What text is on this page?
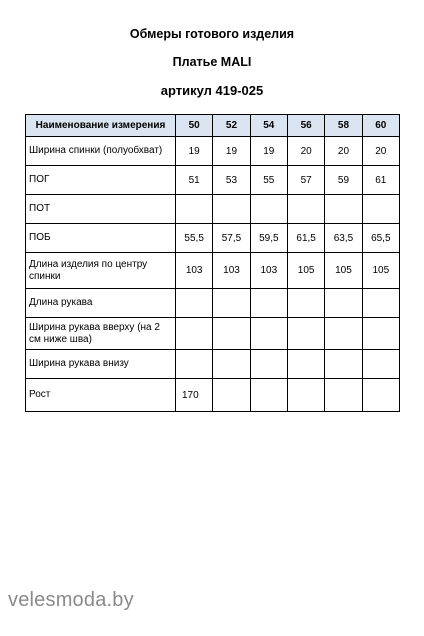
Обмеры готового изделия
Платье MALI
артикул 419-025
Наименование измерения	50	52	54	56	58	60
Ширина спинки (полуобхват)	19	19	19	20	20	20
ПОГ	51	53	55	57	59	61
ПОТ						
ПОБ	55,5	57,5	59,5	61,5	63,5	65,5
Длина изделия по центру спинки	103	103	103	105	105	105
Длина рукава						
Ширина рукава вверху (на 2 см ниже шва)						
Ширина рукава внизу						
Рост	170					
velesmoda.by
